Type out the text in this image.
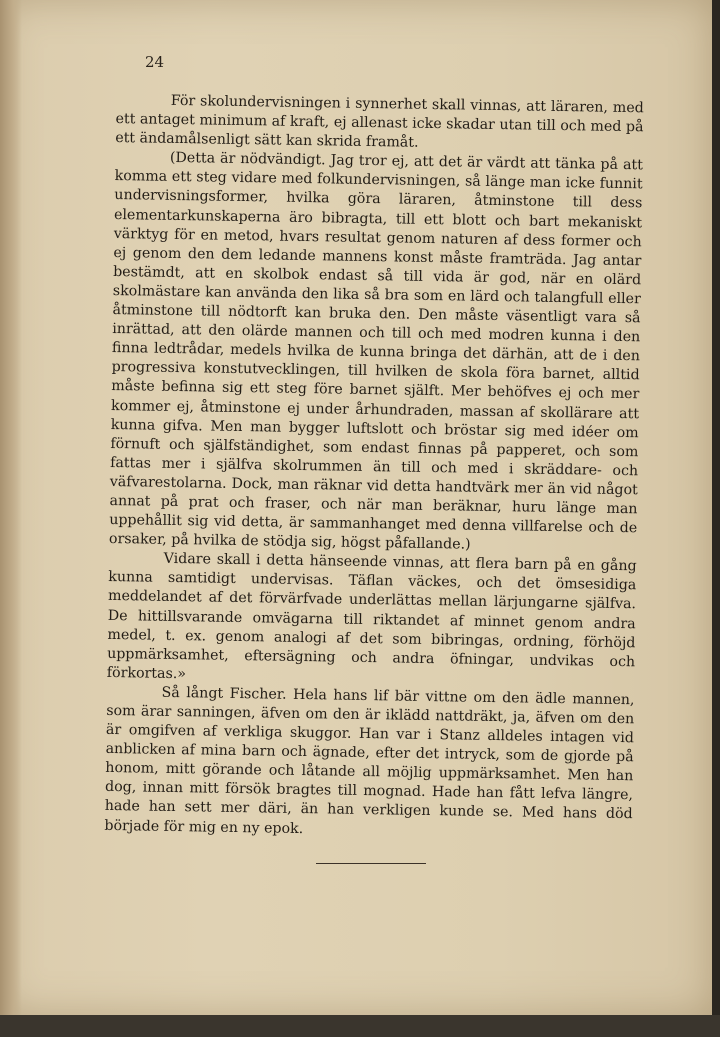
24

För skolundervisningen i synnerhet skall vinnas, att läraren, med ett antaget minimum af kraft, ej allenast icke skadar utan till och med på ett ändamålsenligt sätt kan skrida framåt.

(Detta är nödvändigt. Jag tror ej, att det är värdt att tänka på att komma ett steg vidare med folkundervisningen, så länge man icke funnit undervisningsformer, hvilka göra läraren, åtminstone till dess elementarkunskaperna äro bibragta, till ett blott och bart mekaniskt värktyg för en metod, hvars resultat genom naturen af dess former och ej genom den dem ledande mannens konst måste framträda. Jag antar bestämdt, att en skolbok endast så till vida är god, när en olärd skolmästare kan använda den lika så bra som en lärd och talangfull eller åtminstone till nödtorft kan bruka den. Den måste väsentligt vara så inrättad, att den olärde mannen och till och med modren kunna i den finna ledtrådar, medels hvilka de kunna bringa det därhän, att de i den progressiva konstutvecklingen, till hvilken de skola föra barnet, alltid måste befinna sig ett steg före barnet själft. Mer behöfves ej och mer kommer ej, åtminstone ej under århundraden, massan af skollärare att kunna gifva. Men man bygger luftslott och bröstar sig med idéer om förnuft och själfständighet, som endast finnas på papperet, och som fattas mer i själfva skolrummen än till och med i skräddare- och väfvarestolarna. Dock, man räknar vid detta handtvärk mer än vid något annat på prat och fraser, och när man beräknar, huru länge man uppehållit sig vid detta, är sammanhanget med denna villfarelse och de orsaker, på hvilka de stödja sig, högst påfallande.)

Vidare skall i detta hänseende vinnas, att flera barn på en gång kunna samtidigt undervisas. Täflan väckes, och det ömsesidiga meddelandet af det förvärfvade underlättas mellan lärjungarne själfva. De hittillsvarande omvägarna till riktandet af minnet genom andra medel, t. ex. genom analogi af det som bibringas, ordning, förhöjd uppmärksamhet, eftersägning och andra öfningar, undvikas och förkortas.»

Så långt Fischer. Hela hans lif bär vittne om den ädle mannen, som ärar sanningen, äfven om den är iklädd nattdräkt, ja, äfven om den är omgifven af verkliga skuggor. Han var i Stanz alldeles intagen vid anblicken af mina barn och ägnade, efter det intryck, som de gjorde på honom, mitt görande och låtande all möjlig uppmärksamhet. Men han dog, innan mitt försök bragtes till mognad. Hade han fått lefva längre, hade han sett mer däri, än han verkligen kunde se. Med hans död började för mig en ny epok.
